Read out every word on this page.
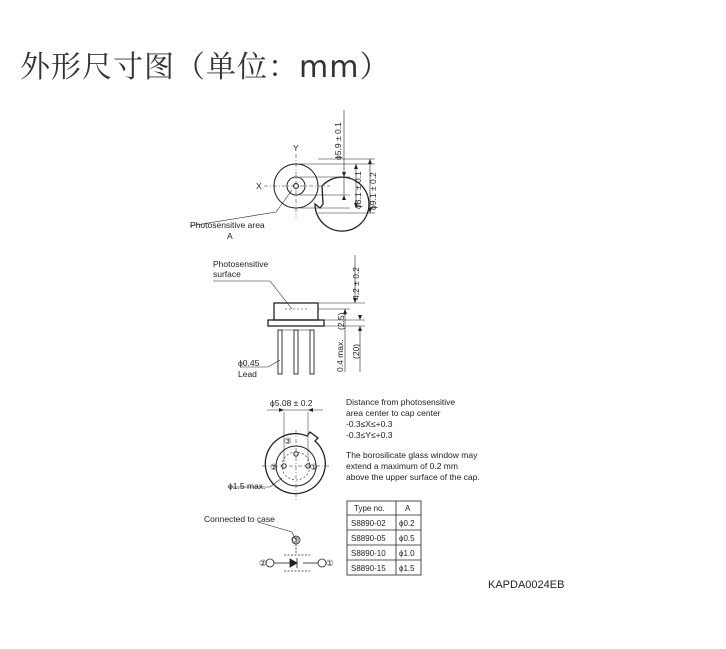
外形尺寸图（单位：mm）
Y
X
ϕ5.9 ± 0.1
ϕ8.1 ± 0.1 ϕ9.1 ± 0.2
Photosensitive area
A
Photosensitive
surface	4.2 ± 0.2
(2.5)
0.4 max. (20)
ϕ0.45
Lead
ϕ5.08 ± 0.2
ϕ1.5 max.
①
②
③
Distance from photosensitive
area center to cap center
-0.3≤X≤+0.3
-0.3≤Y≤+0.3
The borosilicate glass window may
extend a maximum of 0.2 mm
above the upper surface of the cap.
Connected to case
③
②	①
Type no.	A
S8890-02 ϕ0.2
S8890-05 ϕ0.5
S8890-10 ϕ1.0
S8890-15 ϕ1.5
KAPDA0024EB
